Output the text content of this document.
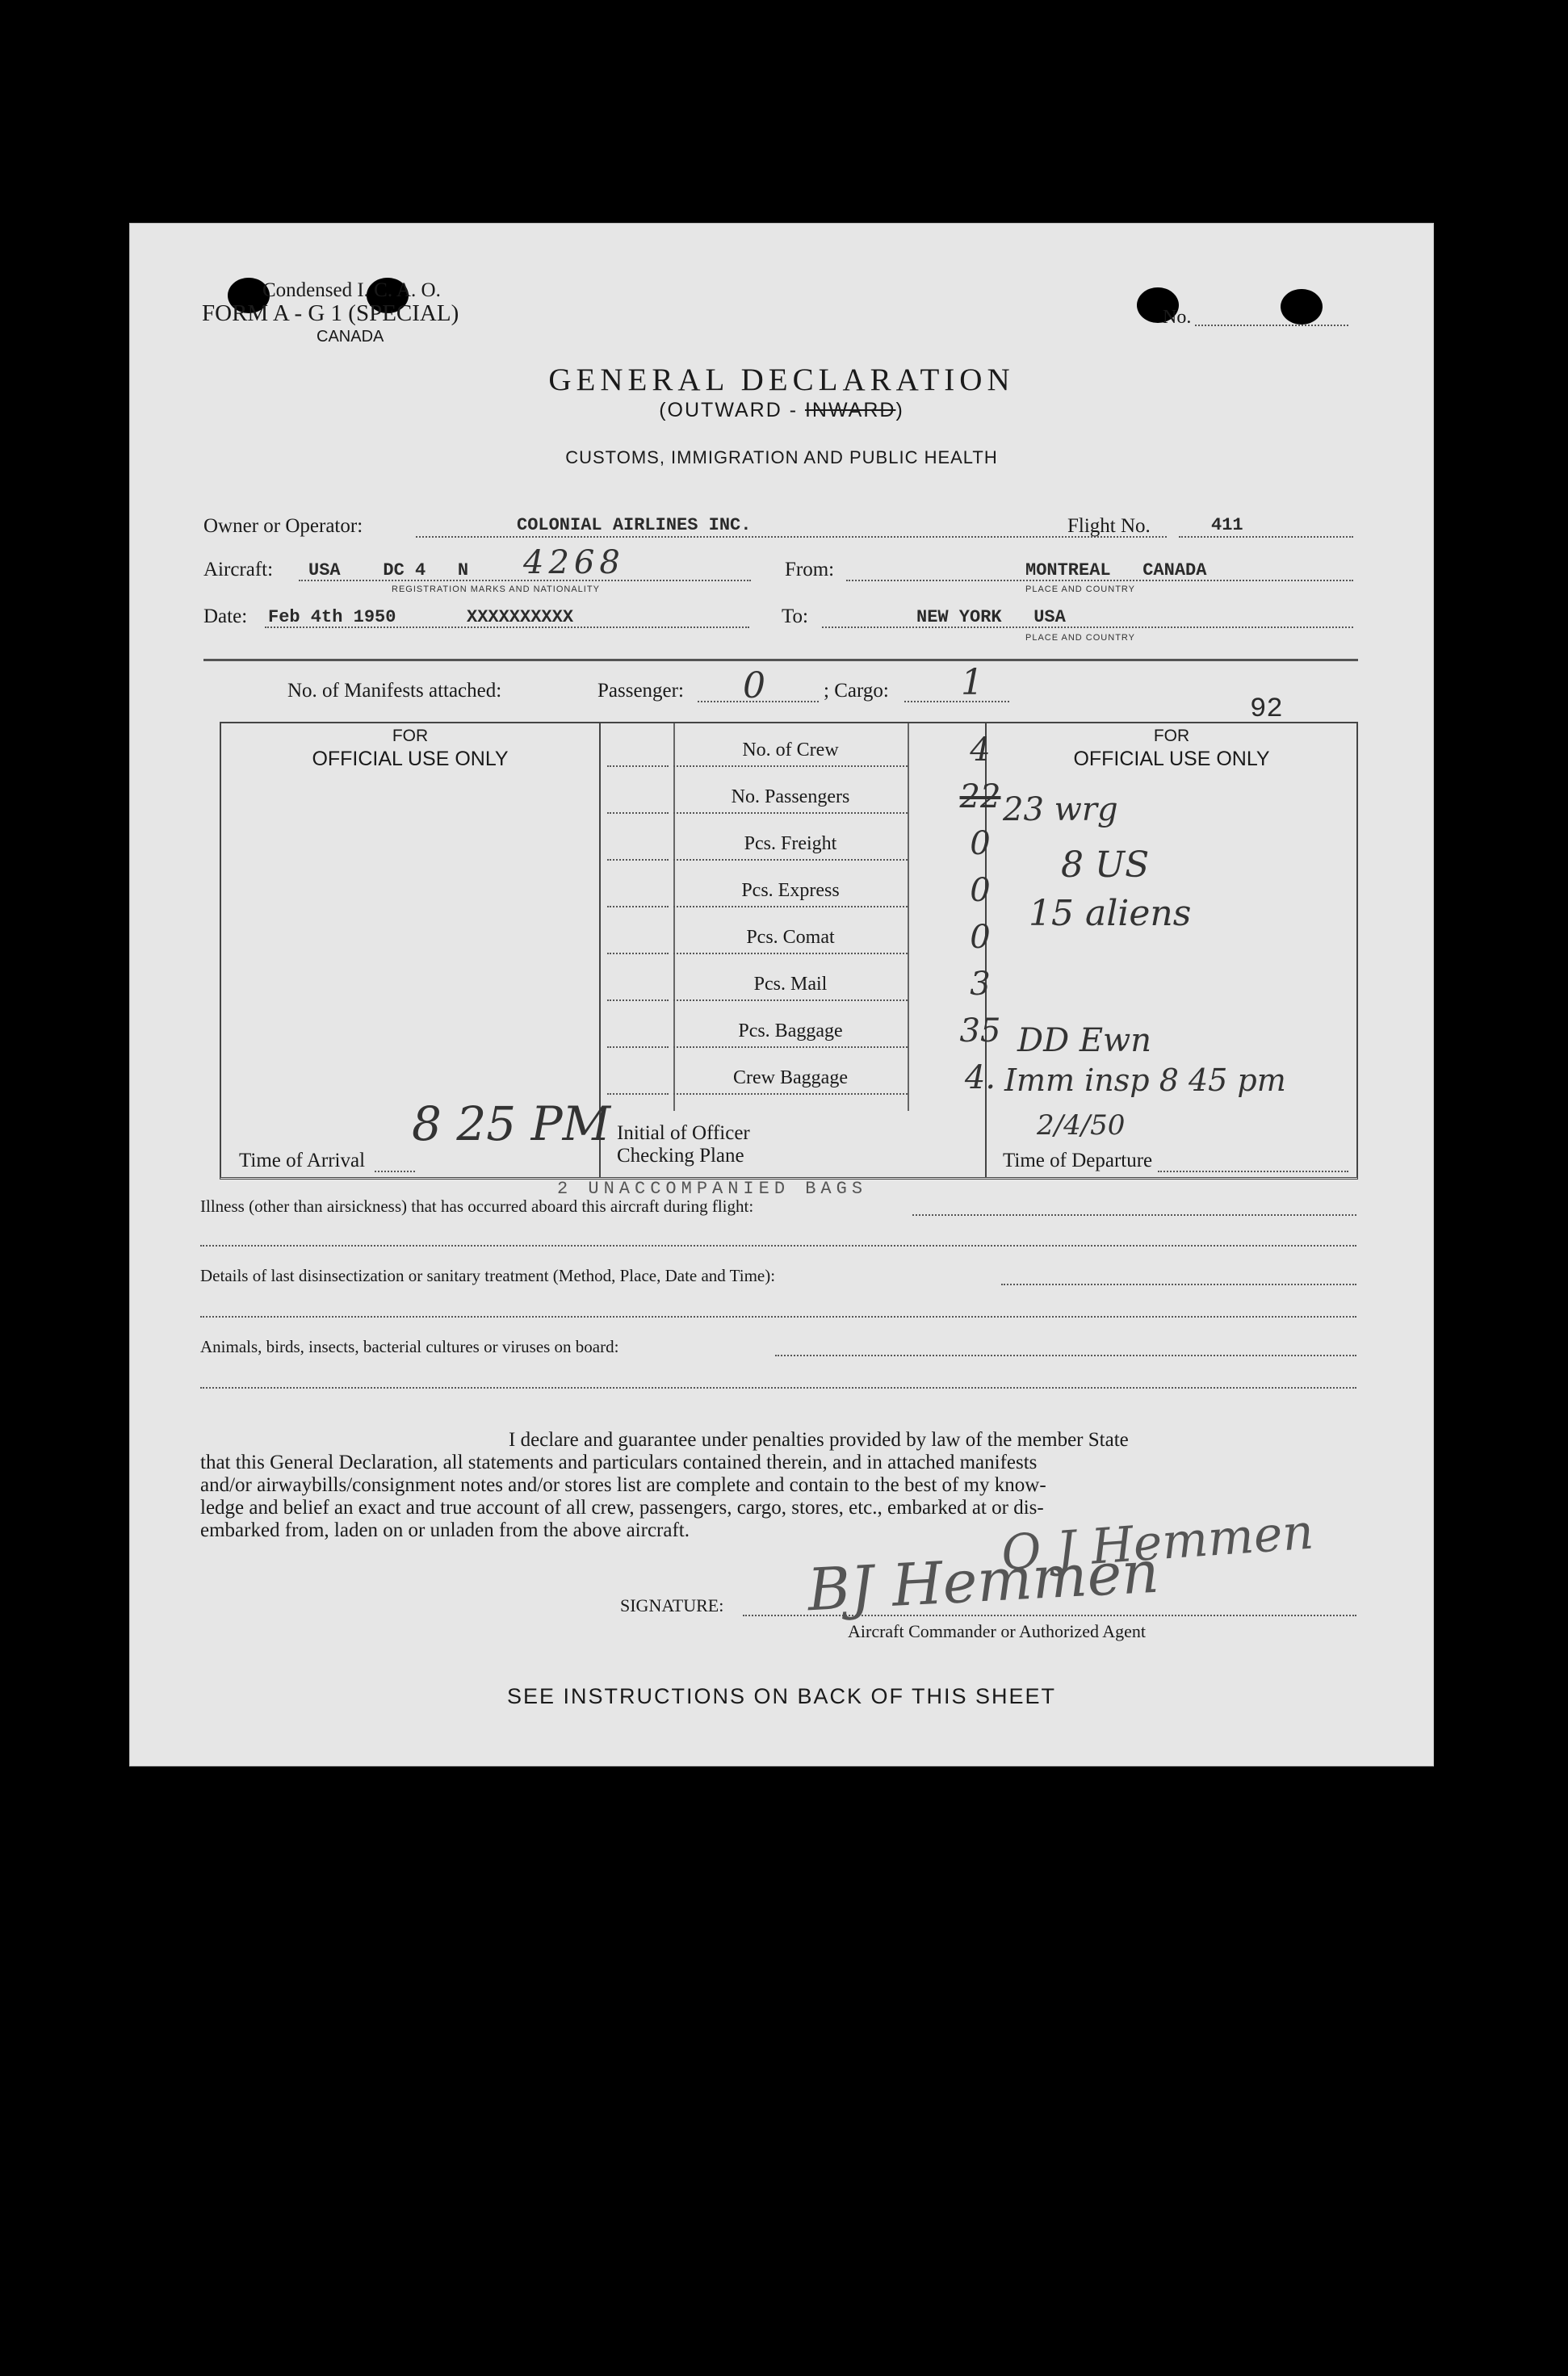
Condensed I. C. A. O.
FORM A - G 1 (SPECIAL)
CANADA
No.
GENERAL DECLARATION
(OUTWARD - INWARD)
CUSTOMS, IMMIGRATION AND PUBLIC HEALTH
Owner or Operator:	COLONIAL AIRLINES INC.	Flight No.	411
Aircraft: USA    DC 4   N 4268
REGISTRATION MARKS AND NATIONALITY
From:	MONTREAL   CANADA
PLACE AND COUNTRY
Date: Feb 4th 1950	XXXXXXXXXX	To:	NEW YORK   USA
PLACE AND COUNTRY
No. of Manifests attached:	Passenger: 0	; Cargo: 1
92
FOR
OFFICIAL USE ONLY
Time of Arrival
8 25 PM
No. of Crew	4
No. Passengers	22
Pcs. Freight	0
Pcs. Express	0
Pcs. Comat	0
Pcs. Mail	3
Pcs. Baggage	35
Crew Baggage	4.
Initial of Officer
Checking Plane
FOR
OFFICIAL USE ONLY
23 wrg
8 US
15 aliens
DD Ewn
Imm insp 8 45 pm
2/4/50
Time of Departure
2 UNACCOMPANIED BAGS
Illness (other than airsickness) that has occurred aboard this aircraft during flight:
Details of last disinsectization or sanitary treatment (Method, Place, Date and Time):
Animals, birds, insects, bacterial cultures or viruses on board:
I declare and guarantee under penalties provided by law of the member State
that this General Declaration, all statements and particulars contained therein, and in attached manifests
and/or airwaybills/consignment notes and/or stores list are complete and contain to the best of my know-
ledge and belief an exact and true account of all crew, passengers, cargo, stores, etc., embarked at or dis-
embarked from, laden on or unladen from the above aircraft.
SIGNATURE: BJ Hemmen
O J Hemmen
Aircraft Commander or Authorized Agent
SEE INSTRUCTIONS ON BACK OF THIS SHEET
